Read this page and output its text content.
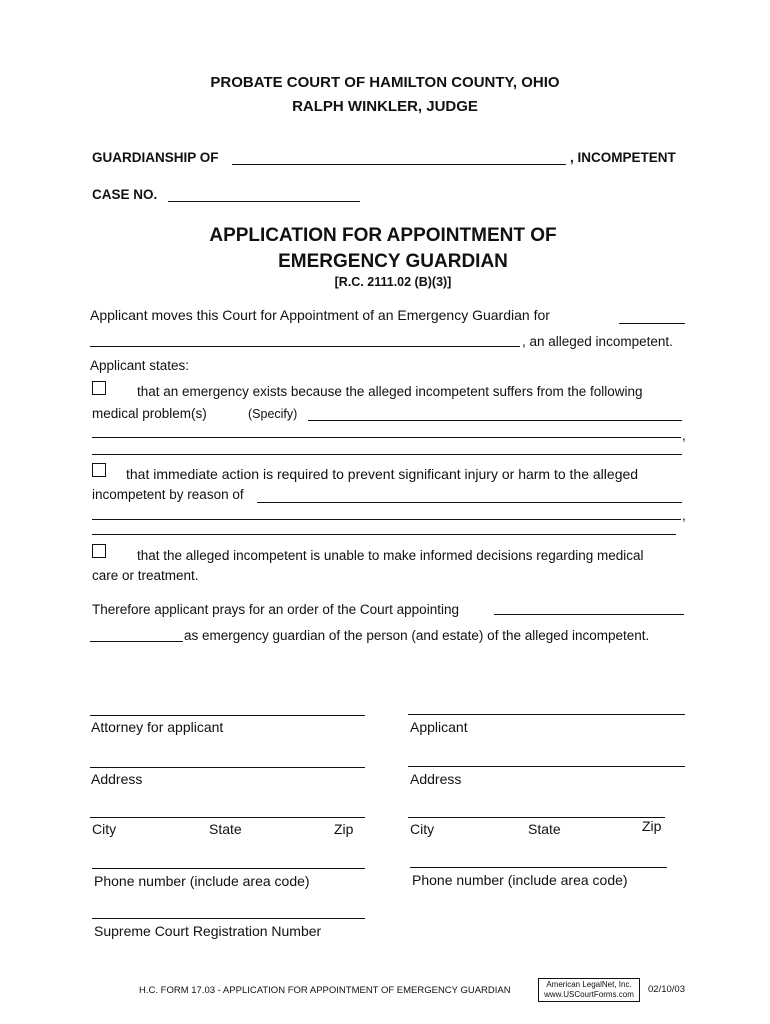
PROBATE COURT OF HAMILTON COUNTY, OHIO
RALPH WINKLER, JUDGE
GUARDIANSHIP OF	, INCOMPETENT
CASE NO.
APPLICATION FOR APPOINTMENT OF
EMERGENCY GUARDIAN
[R.C. 2111.02 (B)(3)]
Applicant moves this Court for Appointment of an Emergency Guardian for
, an alleged incompetent.
Applicant states:
that an emergency exists because the alleged incompetent suffers from the following
medical problem(s)	(Specify)
,
that immediate action is required to prevent significant injury or harm to the alleged
incompetent by reason of
,
that the alleged incompetent is unable to make informed decisions regarding medical
care or treatment.
Therefore applicant prays for an order of the Court appointing
as emergency guardian of the person (and estate) of the alleged incompetent.
Attorney for applicant
Address
City	State	Zip
Phone number (include area code)
Supreme Court Registration Number
Applicant
Address
City	State	Zip
Phone number (include area code)
H.C. FORM 17.03 - APPLICATION FOR APPOINTMENT OF EMERGENCY GUARDIAN
American LegalNet, Inc.
www.USCourtForms.com	02/10/03
